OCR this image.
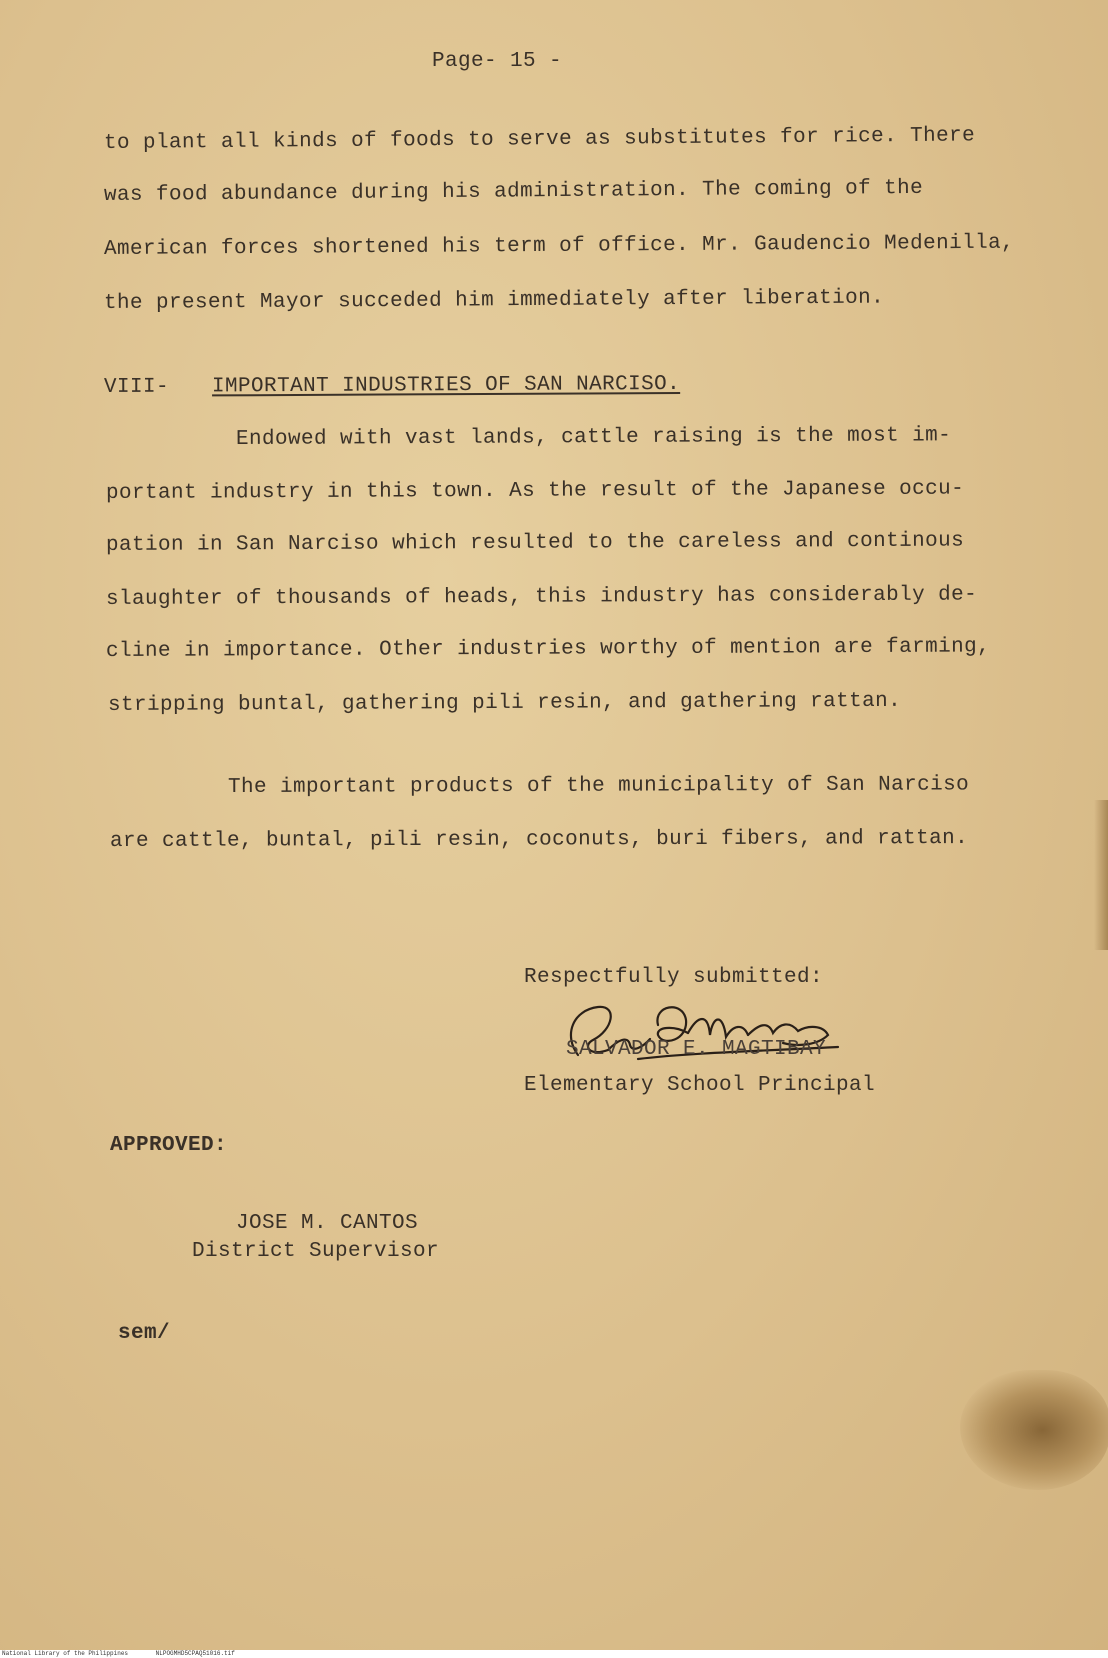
Page- 15 -
to plant all kinds of foods to serve as substitutes for rice. There
was food abundance during his administration. The coming of the
American forces shortened his term of office. Mr. Gaudencio Medenilla,
the present Mayor succeded him immediately after liberation.
VIII- IMPORTANT INDUSTRIES OF SAN NARCISO.
Endowed with vast lands, cattle raising is the most im-
portant industry in this town. As the result of the Japanese occu-
pation in San Narciso which resulted to the careless and continous
slaughter of thousands of heads, this industry has considerably de-
cline in importance. Other industries worthy of mention are farming,
stripping buntal, gathering pili resin, and gathering rattan.
The important products of the municipality of San Narciso
are cattle, buntal, pili resin, coconuts, buri fibers, and rattan.
Respectfully submitted:
SALVADOR E. MAGTIBAY
Elementary School Principal
APPROVED:
JOSE M. CANTOS
District Supervisor
sem/
National Library of the Philippines	NLPOGMHD5CPAQ51016.tif
